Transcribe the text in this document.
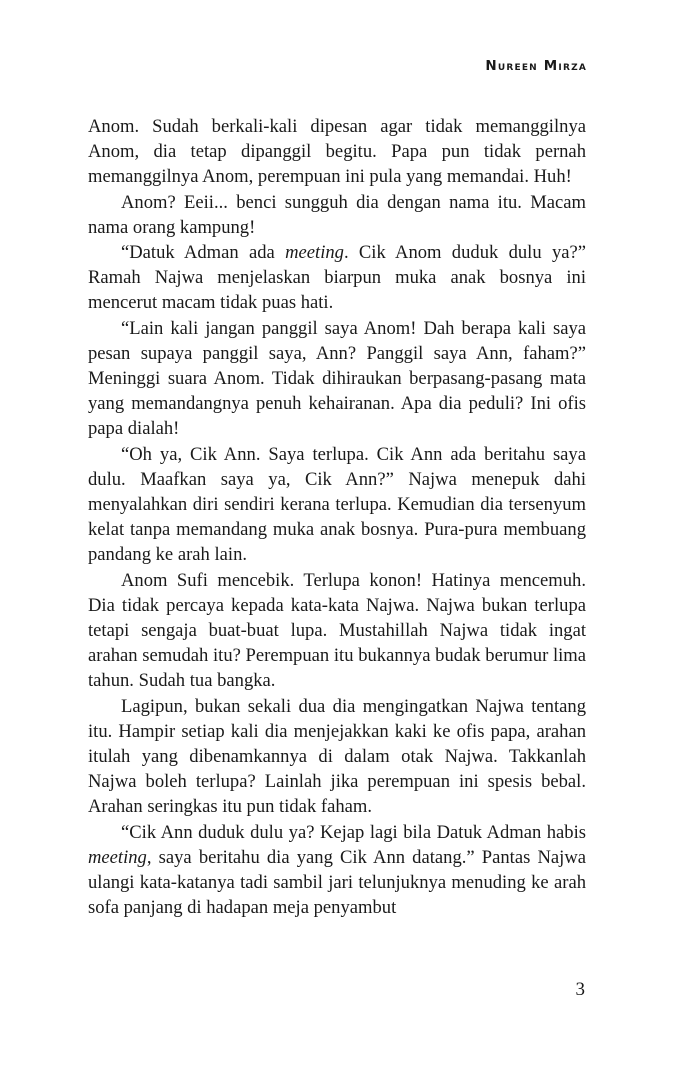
Nureen Mirza

Anom. Sudah berkali-kali dipesan agar tidak memanggilnya Anom, dia tetap dipanggil begitu. Papa pun tidak pernah memanggilnya Anom, perempuan ini pula yang memandai. Huh!

Anom? Eeii... benci sungguh dia dengan nama itu. Macam nama orang kampung!

“Datuk Adman ada meeting. Cik Anom duduk dulu ya?” Ramah Najwa menjelaskan biarpun muka anak bosnya ini mencerut macam tidak puas hati.

“Lain kali jangan panggil saya Anom! Dah berapa kali saya pesan supaya panggil saya, Ann? Panggil saya Ann, faham?” Meninggi suara Anom. Tidak dihiraukan berpasang-pasang mata yang memandangnya penuh kehairanan. Apa dia peduli? Ini ofis papa dialah!

“Oh ya, Cik Ann. Saya terlupa. Cik Ann ada beritahu saya dulu. Maafkan saya ya, Cik Ann?” Najwa menepuk dahi menyalahkan diri sendiri kerana terlupa. Kemudian dia tersenyum kelat tanpa memandang muka anak bosnya. Pura-pura membuang pandang ke arah lain.

Anom Sufi mencebik. Terlupa konon! Hatinya mencemuh. Dia tidak percaya kepada kata-kata Najwa. Najwa bukan terlupa tetapi sengaja buat-buat lupa. Mustahillah Najwa tidak ingat arahan semudah itu? Perempuan itu bukannya budak berumur lima tahun. Sudah tua bangka.

Lagipun, bukan sekali dua dia mengingatkan Najwa tentang itu. Hampir setiap kali dia menjejakkan kaki ke ofis papa, arahan itulah yang dibenamkannya di dalam otak Najwa. Takkanlah Najwa boleh terlupa? Lainlah jika perempuan ini spesis bebal. Arahan seringkas itu pun tidak faham.

“Cik Ann duduk dulu ya? Kejap lagi bila Datuk Adman habis meeting, saya beritahu dia yang Cik Ann datang.” Pantas Najwa ulangi kata-katanya tadi sambil jari telunjuknya menuding ke arah sofa panjang di hadapan meja penyambut

3
